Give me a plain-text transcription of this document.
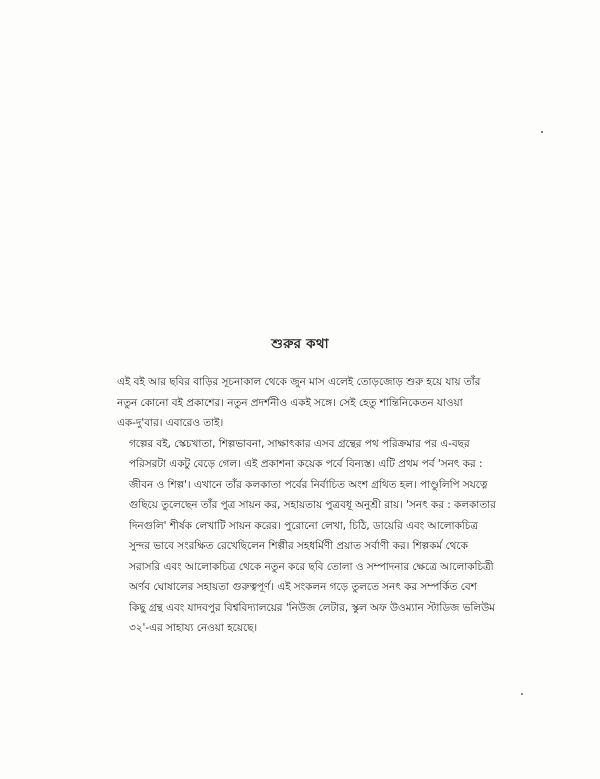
শুরুর কথা

এই বই আর ছবির বাড়ির সূচনাকাল থেকে জুন মাস এলেই তোড়জোড় শুরু হয়ে যায় তাঁর
নতুন কোনো বই প্রকাশের। নতুন প্রদর্শনীও একই সঙ্গে। সেই হেতু শান্তিনিকেতন যাওয়া
এক-দু'বার। এবারেও তাই।

গল্পের বই, স্কেচখাতা, শিল্পভাবনা, সাক্ষাৎকার এসব গ্রন্থের পথ পরিক্রমার পর এ-বছর
পরিসরটা একটু বেড়ে গেল। এই প্রকাশনা কয়েক পর্বে বিন্যস্ত। এটি প্রথম পর্ব 'সনৎ কর :
জীবন ও শিল্প'। এখানে তাঁর কলকাতা পর্বের নির্বাচিত অংশ গ্রথিত হল। পাণ্ডুলিপি সযত্নে
গুছিয়ে তুলেছেন তাঁর পুত্র সায়ন কর, সহায়তায় পুত্রবধূ অনুশ্রী রায়। 'সনৎ কর : কলকাতার
দিনগুলি' শীর্ষক লেখাটি সায়ন করের। পুরোনো লেখা, চিঠি, ডায়েরি এবং আলোকচিত্র
সুন্দর ভাবে সংরক্ষিত রেখেছিলেন শিল্পীর সহধর্মিণী প্রয়াত সর্বাণী কর। শিল্পকর্ম থেকে
সরাসরি এবং আলোকচিত্র থেকে নতুন করে ছবি তোলা ও সম্পাদনার ক্ষেত্রে আলোকচিত্রী
অর্ণব ঘোষালের সহায়তা গুরুত্বপূর্ণ। এই সংকলন গড়ে তুলতে সনৎ কর সম্পর্কিত বেশ
কিছু গ্রন্থ এবং যাদবপুর বিশ্ববিদ্যালয়ের 'নিউজ লেটার, স্কুল অফ উওম্যান স্টাডিজ ভলিউম
৩২'-এর সাহায্য নেওয়া হয়েছে।
